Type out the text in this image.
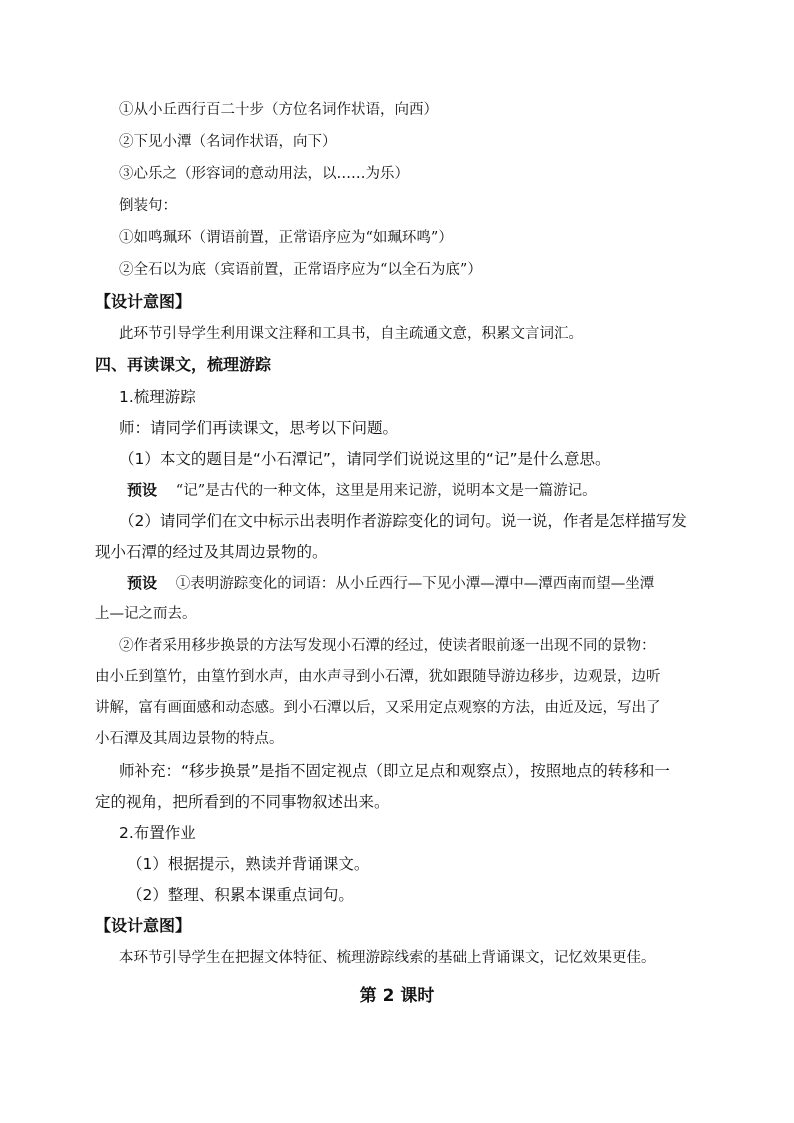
①从小丘西行百二十步（方位名词作状语，向西）
②下见小潭（名词作状语，向下）
③心乐之（形容词的意动用法，以……为乐）
倒装句：
①如鸣珮环（谓语前置，正常语序应为“如珮环鸣”）
②全石以为底（宾语前置，正常语序应为“以全石为底”）
【设计意图】
此环节引导学生利用课文注释和工具书，自主疏通文意，积累文言词汇。
四、再读课文，梳理游踪
1.梳理游踪
师：请同学们再读课文，思考以下问题。
（1）本文的题目是“小石潭记”，请同学们说说这里的“记”是什么意思。
预设 “记”是古代的一种文体，这里是用来记游，说明本文是一篇游记。
（2）请同学们在文中标示出表明作者游踪变化的词句。说一说，作者是怎样描写发
现小石潭的经过及其周边景物的。
预设 ①表明游踪变化的词语：从小丘西行—下见小潭—潭中—潭西南而望—坐潭
上—记之而去。
②作者采用移步换景的方法写发现小石潭的经过，使读者眼前逐一出现不同的景物：
由小丘到篁竹，由篁竹到水声，由水声寻到小石潭，犹如跟随导游边移步，边观景，边听
讲解，富有画面感和动态感。到小石潭以后，又采用定点观察的方法，由近及远，写出了
小石潭及其周边景物的特点。
师补充：“移步换景”是指不固定视点（即立足点和观察点），按照地点的转移和一
定的视角，把所看到的不同事物叙述出来。
2.布置作业
（1）根据提示，熟读并背诵课文。
（2）整理、积累本课重点词句。
【设计意图】
本环节引导学生在把握文体特征、梳理游踪线索的基础上背诵课文，记忆效果更佳。
第 2 课时
